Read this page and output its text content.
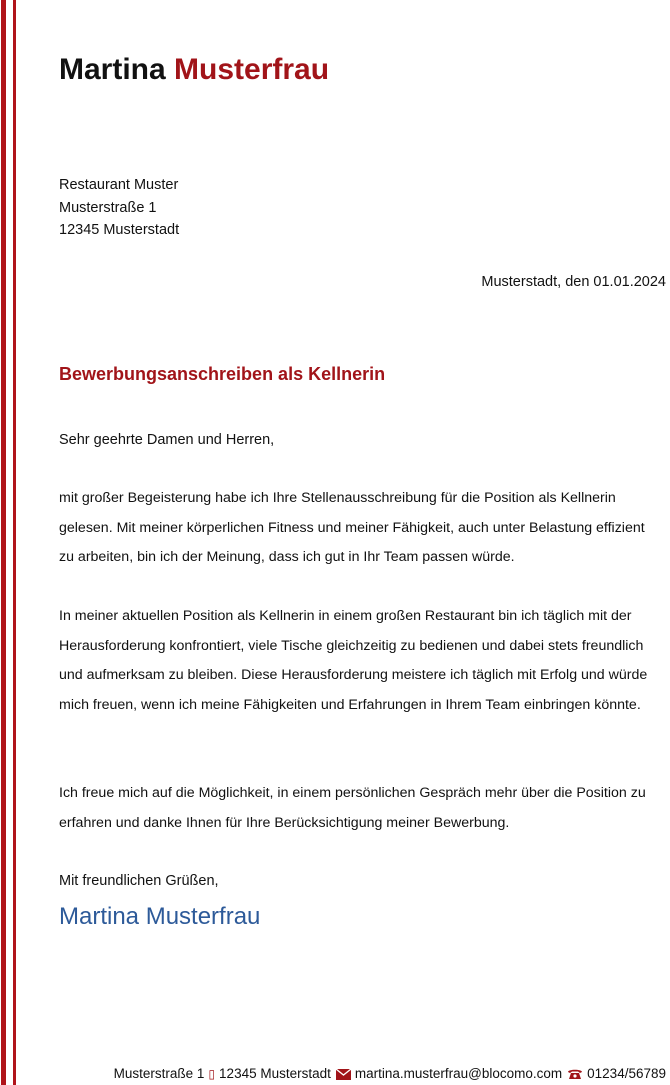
Martina Musterfrau
Restaurant Muster
Musterstraße 1
12345 Musterstadt
Musterstadt, den 01.01.2024
Bewerbungsanschreiben als Kellnerin
Sehr geehrte Damen und Herren,

mit großer Begeisterung habe ich Ihre Stellenausschreibung für die Position als Kellnerin gelesen. Mit meiner körperlichen Fitness und meiner Fähigkeit, auch unter Belastung effizient zu arbeiten, bin ich der Meinung, dass ich gut in Ihr Team passen würde.

In meiner aktuellen Position als Kellnerin in einem großen Restaurant bin ich täglich mit der Herausforderung konfrontiert, viele Tische gleichzeitig zu bedienen und dabei stets freundlich und aufmerksam zu bleiben. Diese Herausforderung meistere ich täglich mit Erfolg und würde mich freuen, wenn ich meine Fähigkeiten und Erfahrungen in Ihrem Team einbringen könnte.

Ich freue mich auf die Möglichkeit, in einem persönlichen Gespräch mehr über die Position zu erfahren und danke Ihnen für Ihre Berücksichtigung meiner Bewerbung.

Mit freundlichen Grüßen,
Martina Musterfrau
Musterstraße 1 ▯ 12345 Musterstadt martina.musterfrau@blocomo.com 01234/56789
